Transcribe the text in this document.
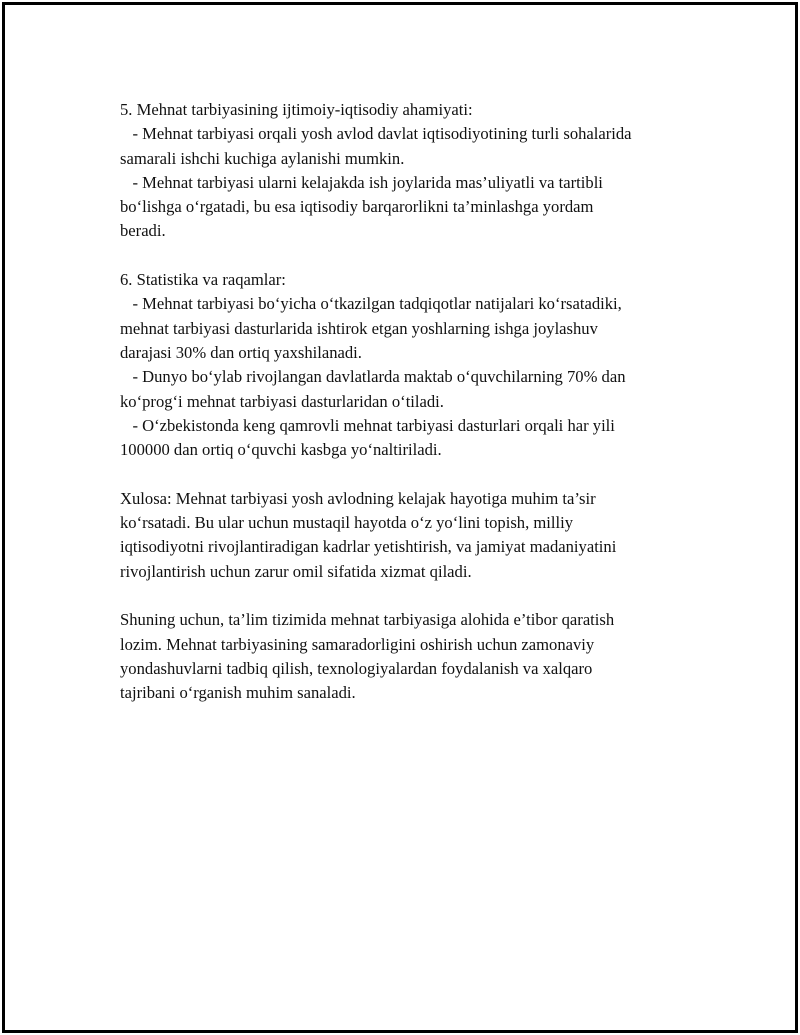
5. Mehnat tarbiyasining ijtimoiy-iqtisodiy ahamiyati:
- Mehnat tarbiyasi orqali yosh avlod davlat iqtisodiyotining turli sohalarida
samarali ishchi kuchiga aylanishi mumkin.
- Mehnat tarbiyasi ularni kelajakda ish joylarida mas’uliyatli va tartibli
bo‘lishga o‘rgatadi, bu esa iqtisodiy barqarorlikni ta’minlashga yordam
beradi.
6. Statistika va raqamlar:
- Mehnat tarbiyasi bo‘yicha o‘tkazilgan tadqiqotlar natijalari ko‘rsatadiki,
mehnat tarbiyasi dasturlarida ishtirok etgan yoshlarning ishga joylashuv
darajasi 30% dan ortiq yaxshilanadi.
- Dunyo bo‘ylab rivojlangan davlatlarda maktab o‘quvchilarning 70% dan
ko‘prog‘i mehnat tarbiyasi dasturlaridan o‘tiladi.
- O‘zbekistonda keng qamrovli mehnat tarbiyasi dasturlari orqali har yili
100000 dan ortiq o‘quvchi kasbga yo‘naltiriladi.
Xulosa: Mehnat tarbiyasi yosh avlodning kelajak hayotiga muhim ta’sir
ko‘rsatadi. Bu ular uchun mustaqil hayotda o‘z yo‘lini topish, milliy
iqtisodiyotni rivojlantiradigan kadrlar yetishtirish, va jamiyat madaniyatini
rivojlantirish uchun zarur omil sifatida xizmat qiladi.
Shuning uchun, ta’lim tizimida mehnat tarbiyasiga alohida e’tibor qaratish
lozim. Mehnat tarbiyasining samaradorligini oshirish uchun zamonaviy
yondashuvlarni tadbiq qilish, texnologiyalardan foydalanish va xalqaro
tajribani o‘rganish muhim sanaladi.
